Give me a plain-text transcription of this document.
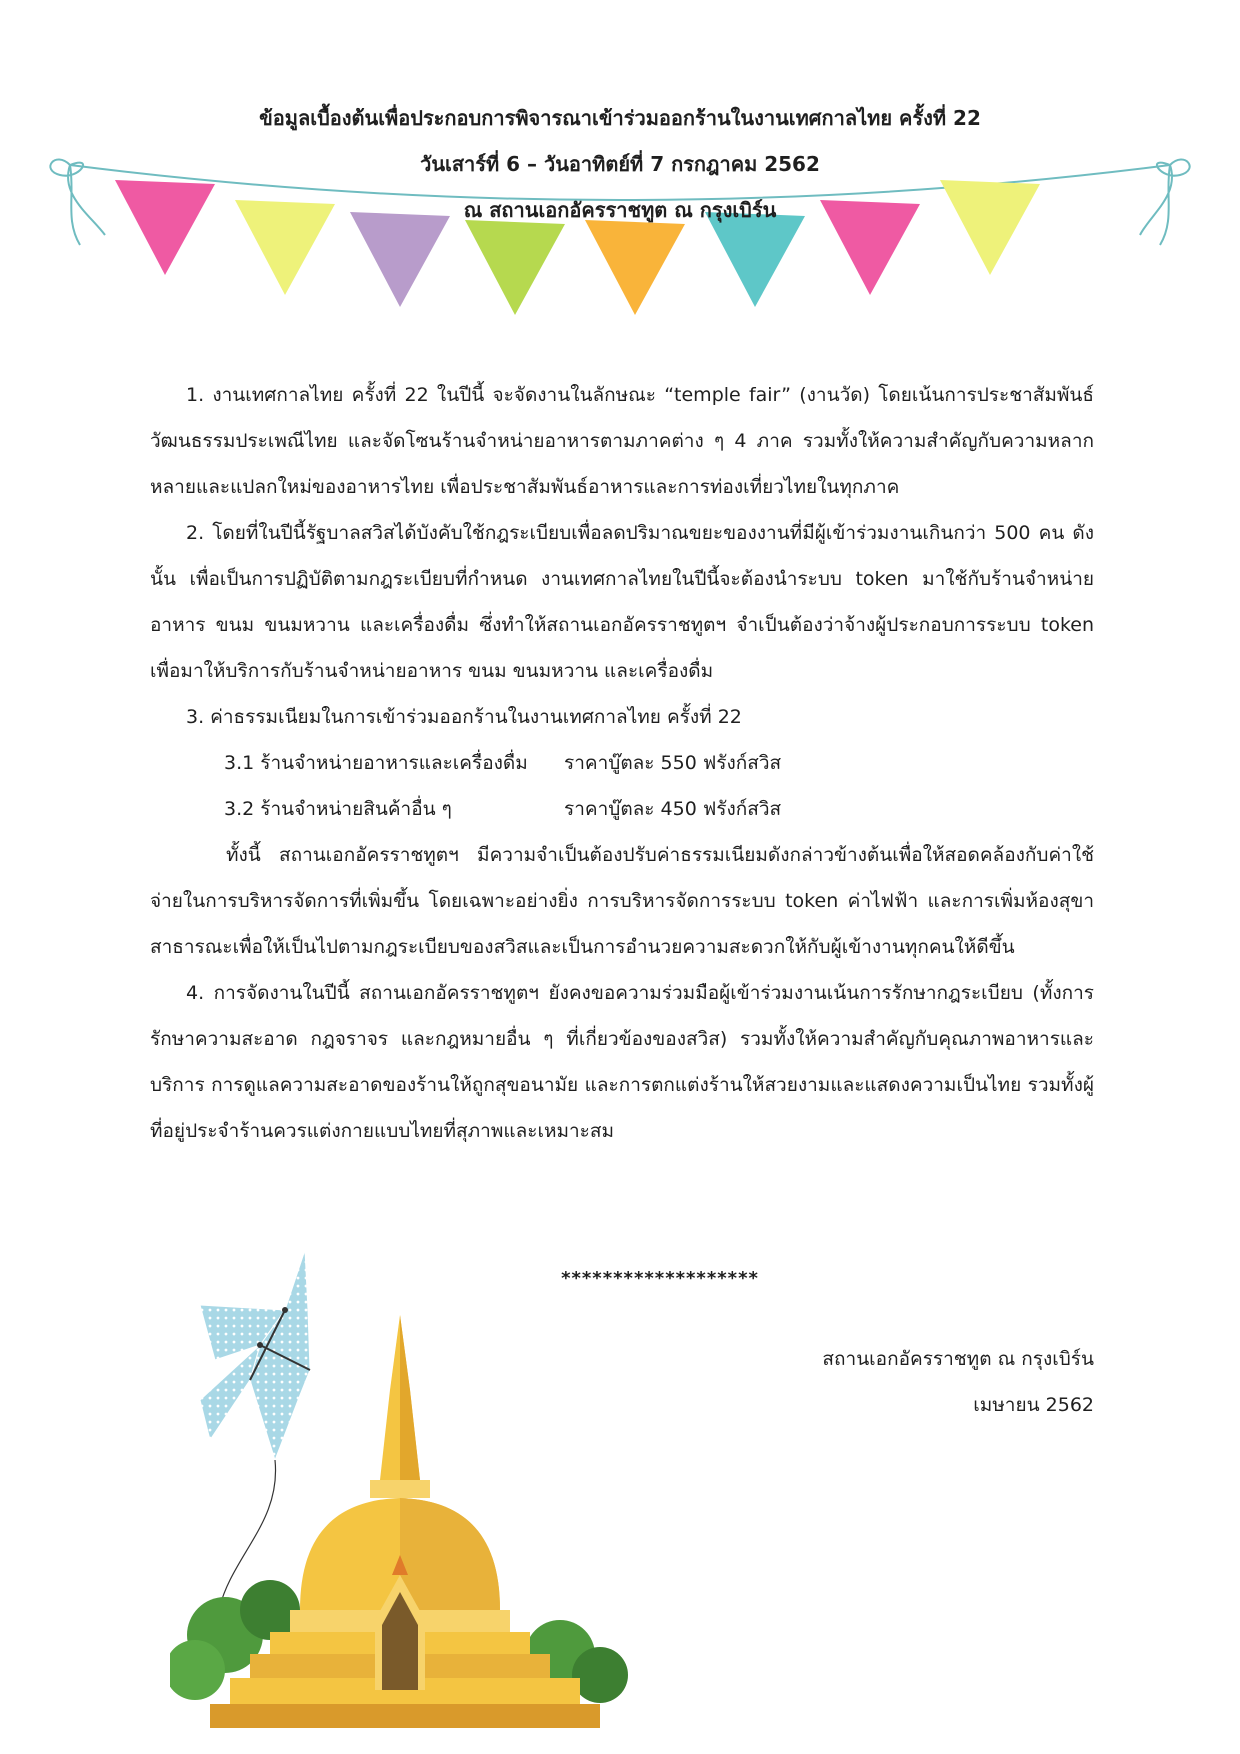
ข้อมูลเบื้องต้นเพื่อประกอบการพิจารณาเข้าร่วมออกร้านในงานเทศกาลไทย ครั้งที่ 22
วันเสาร์ที่ 6 – วันอาทิตย์ที่ 7 กรกฎาคม 2562
ณ สถานเอกอัครราชทูต ณ กรุงเบิร์น

1. งานเทศกาลไทย ครั้งที่ 22 ในปีนี้ จะจัดงานในลักษณะ “temple fair” (งานวัด) โดยเน้นการประชาสัมพันธ์วัฒนธรรมประเพณีไทย และจัดโซนร้านจำหน่ายอาหารตามภาคต่าง ๆ 4 ภาค รวมทั้งให้ความสำคัญกับความหลากหลายและแปลกใหม่ของอาหารไทย เพื่อประชาสัมพันธ์อาหารและการท่องเที่ยวไทยในทุกภาค

2. โดยที่ในปีนี้รัฐบาลสวิสได้บังคับใช้กฎระเบียบเพื่อลดปริมาณขยะของงานที่มีผู้เข้าร่วมงานเกินกว่า 500 คน ดังนั้น เพื่อเป็นการปฏิบัติตามกฎระเบียบที่กำหนด งานเทศกาลไทยในปีนี้จะต้องนำระบบ token มาใช้กับร้านจำหน่ายอาหาร ขนม ขนมหวาน และเครื่องดื่ม ซึ่งทำให้สถานเอกอัครราชทูตฯ จำเป็นต้องว่าจ้างผู้ประกอบการระบบ token เพื่อมาให้บริการกับร้านจำหน่ายอาหาร ขนม ขนมหวาน และเครื่องดื่ม

3. ค่าธรรมเนียมในการเข้าร่วมออกร้านในงานเทศกาลไทย ครั้งที่ 22

3.1 ร้านจำหน่ายอาหารและเครื่องดื่ม	ราคาบู๊ตละ 550 ฟรังก์สวิส
3.2 ร้านจำหน่ายสินค้าอื่น ๆ	ราคาบู๊ตละ 450 ฟรังก์สวิส

ทั้งนี้ สถานเอกอัครราชทูตฯ มีความจำเป็นต้องปรับค่าธรรมเนียมดังกล่าวข้างต้นเพื่อให้สอดคล้องกับค่าใช้จ่ายในการบริหารจัดการที่เพิ่มขึ้น โดยเฉพาะอย่างยิ่ง การบริหารจัดการระบบ token ค่าไฟฟ้า และการเพิ่มห้องสุขาสาธารณะเพื่อให้เป็นไปตามกฎระเบียบของสวิสและเป็นการอำนวยความสะดวกให้กับผู้เข้างานทุกคนให้ดีขึ้น

4. การจัดงานในปีนี้ สถานเอกอัครราชทูตฯ ยังคงขอความร่วมมือผู้เข้าร่วมงานเน้นการรักษากฎระเบียบ (ทั้งการรักษาความสะอาด กฎจราจร และกฎหมายอื่น ๆ ที่เกี่ยวข้องของสวิส) รวมทั้งให้ความสำคัญกับคุณภาพอาหารและบริการ การดูแลความสะอาดของร้านให้ถูกสุขอนามัย และการตกแต่งร้านให้สวยงามและแสดงความเป็นไทย รวมทั้งผู้ที่อยู่ประจำร้านควรแต่งกายแบบไทยที่สุภาพและเหมาะสม

*******************
สถานเอกอัครราชทูต ณ กรุงเบิร์น
เมษายน 2562
